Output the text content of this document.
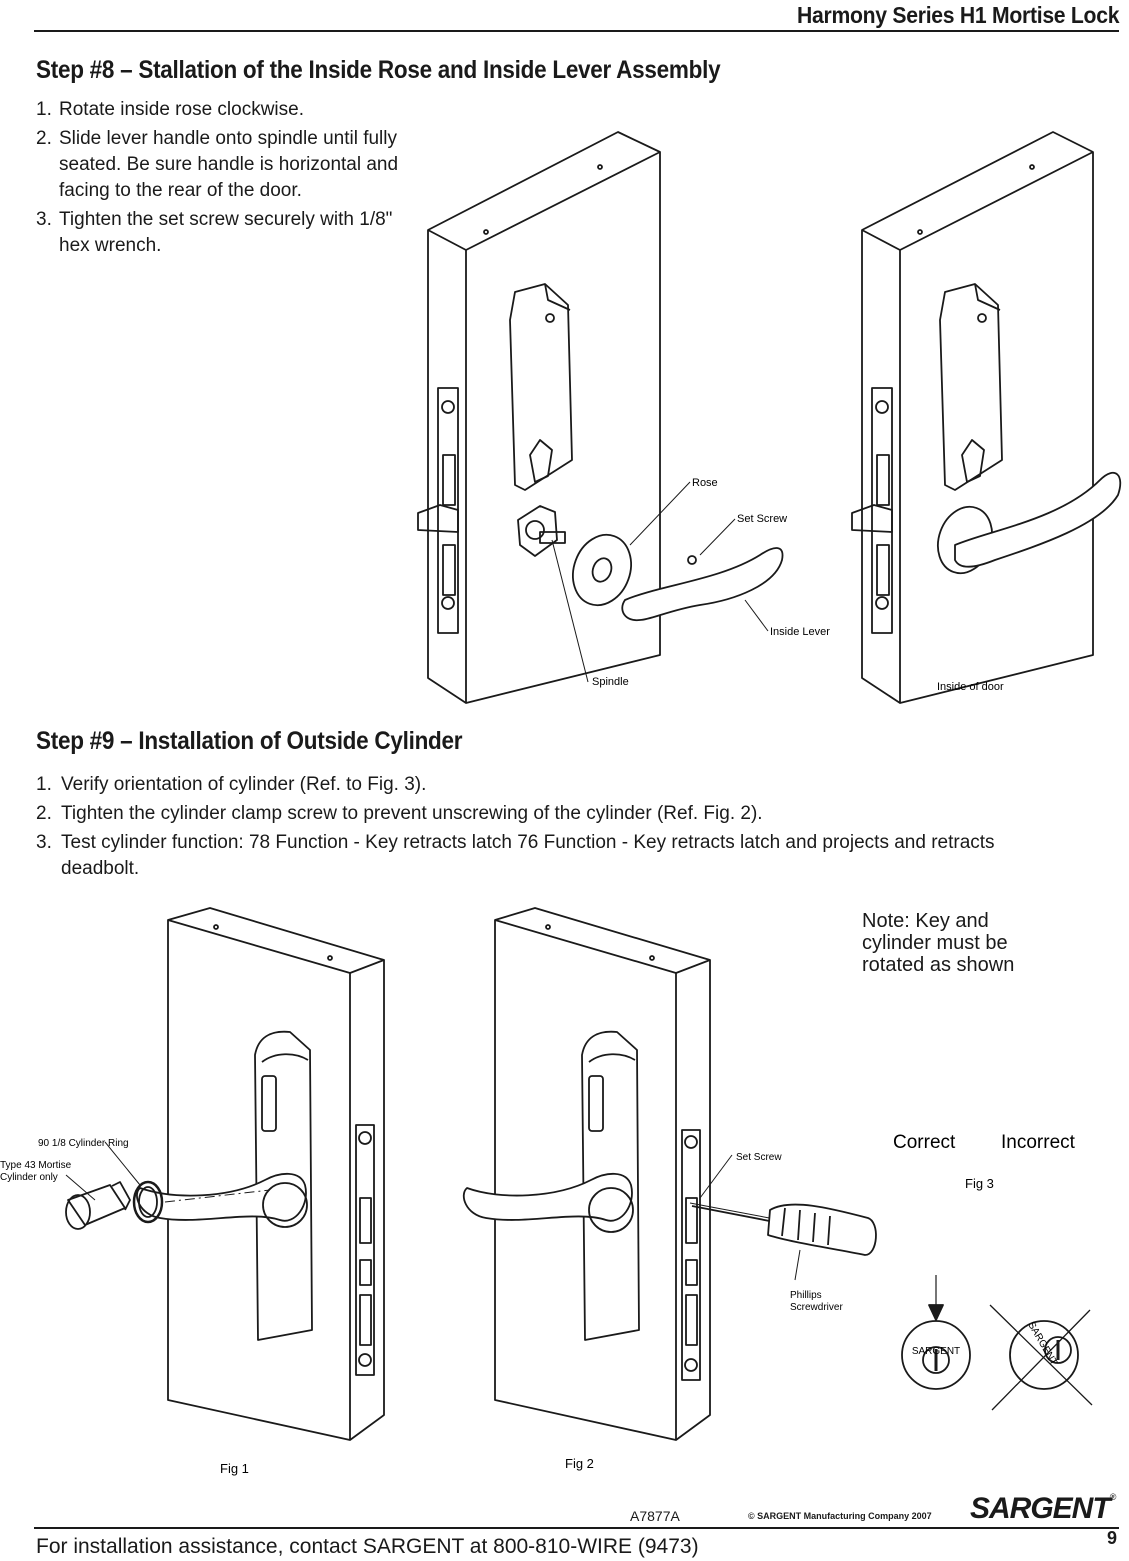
Harmony Series H1 Mortise Lock
Step #8 – Stallation of the Inside Rose and Inside Lever Assembly
1. Rotate inside rose clockwise.
2. Slide lever handle onto spindle until fully seated. Be sure handle is horizontal and facing to the rear of the door.
3. Tighten the set screw securely with 1/8" hex wrench.
Rose
Set Screw
Inside Lever
Spindle	Inside of door
Step #9 – Installation of Outside Cylinder
1. Verify orientation of cylinder (Ref. to Fig. 3).
2. Tighten the cylinder clamp screw to prevent unscrewing of the cylinder (Ref. Fig. 2).
3. Test cylinder function: 78 Function - Key retracts latch 76 Function - Key retracts latch and projects and retracts deadbolt.
90 1/8 Cylinder Ring
Type 43 Mortise
Cylinder only
Set Screw
Phillips
Screwdriver
SARGENT	SARGENT
Correct Incorrect
Fig 3
Fig 1	Fig 2
Note: Key and cylinder must be rotated as shown
A7877A	© SARGENT Manufacturing Company 2007 SARGENT®
For installation assistance, contact SARGENT at 800-810-WIRE (9473)	9
